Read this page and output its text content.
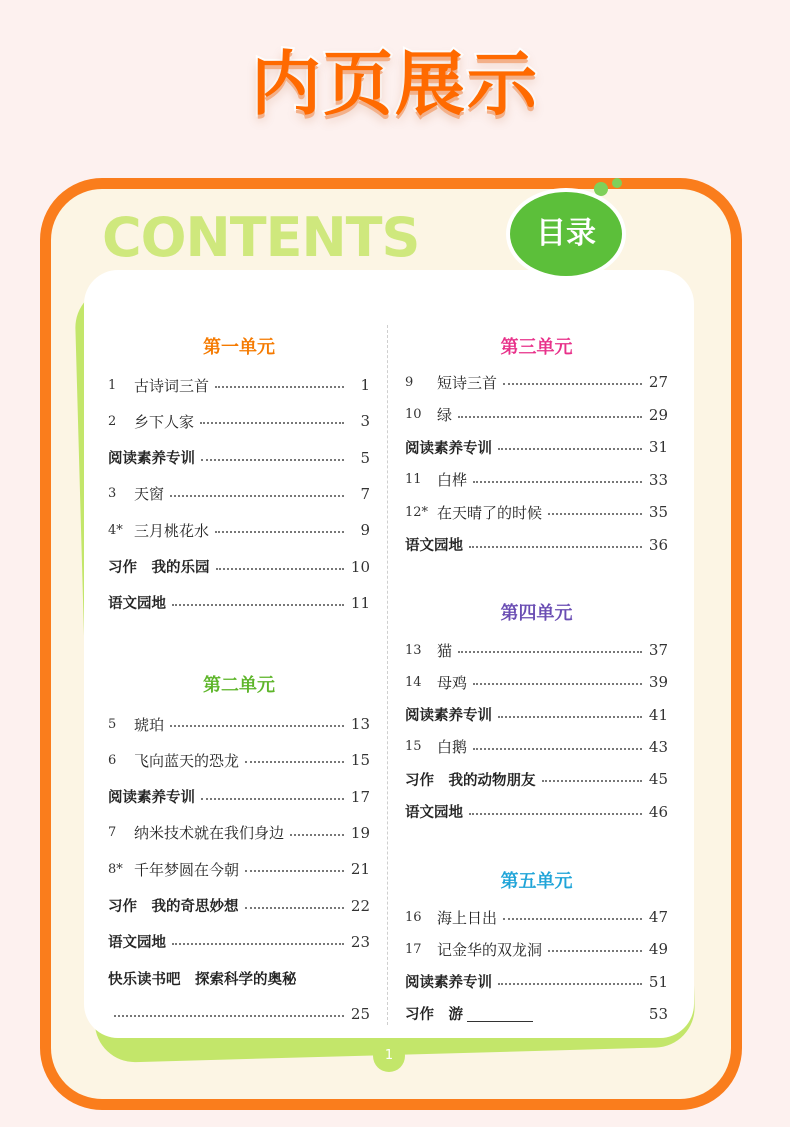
内页展示
CONTENTS	目录
第一单元
1	古诗词三首	1
2	乡下人家	3
阅读素养专训	5
3	天窗	7
4* 三月桃花水	9
习作　我的乐园	10
语文园地	11
第二单元
5	琥珀	13
6	飞向蓝天的恐龙	15
阅读素养专训	17
7	纳米技术就在我们身边	19
8* 千年梦圆在今朝	21
习作　我的奇思妙想	22
语文园地	23
快乐读书吧　探索科学的奥秘
25
第三单元
9	短诗三首	27
10	绿	29
阅读素养专训	31
11	白桦	33
12* 在天晴了的时候	35
语文园地	36
第四单元
13	猫	37
14	母鸡	39
阅读素养专训	41
15	白鹅	43
习作　我的动物朋友	45
语文园地	46
第五单元
16	海上日出	47
17	记金华的双龙洞	49
阅读素养专训	51
习作　游	53
1
